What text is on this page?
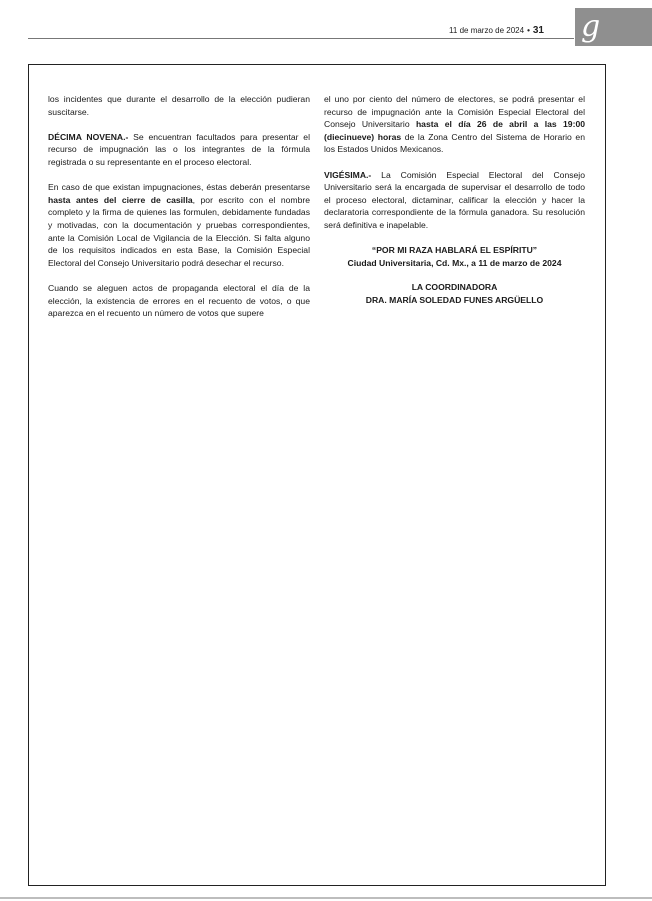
11 de marzo de 2024 • 31 g

los incidentes que durante el desarrollo de la elección pudieran suscitarse.

DÉCIMA NOVENA.- Se encuentran facultados para presentar el recurso de impugnación las o los integrantes de la fórmula registrada o su representante en el proceso electoral.

En caso de que existan impugnaciones, éstas deberán presentarse hasta antes del cierre de casilla, por escrito con el nombre completo y la firma de quienes las formulen, debidamente fundadas y motivadas, con la documentación y pruebas correspondientes, ante la Comisión Local de Vigilancia de la Elección. Si falta alguno de los requisitos indicados en esta Base, la Comisión Especial Electoral del Consejo Universitario podrá desechar el recurso.

Cuando se aleguen actos de propaganda electoral el día de la elección, la existencia de errores en el recuento de votos, o que aparezca en el recuento un número de votos que supere

el uno por ciento del número de electores, se podrá presentar el recurso de impugnación ante la Comisión Especial Electoral del Consejo Universitario hasta el día 26 de abril a las 19:00 (diecinueve) horas de la Zona Centro del Sistema de Horario en los Estados Unidos Mexicanos.

VIGÉSIMA.- La Comisión Especial Electoral del Consejo Universitario será la encargada de supervisar el desarrollo de todo el proceso electoral, dictaminar, calificar la elección y hacer la declaratoria correspondiente de la fórmula ganadora. Su resolución será definitiva e inapelable.

“POR MI RAZA HABLARÁ EL ESPÍRITU”
Ciudad Universitaria, Cd. Mx., a 11 de marzo de 2024
LA COORDINADORA
DRA. MARÍA SOLEDAD FUNES ARGÜELLO
